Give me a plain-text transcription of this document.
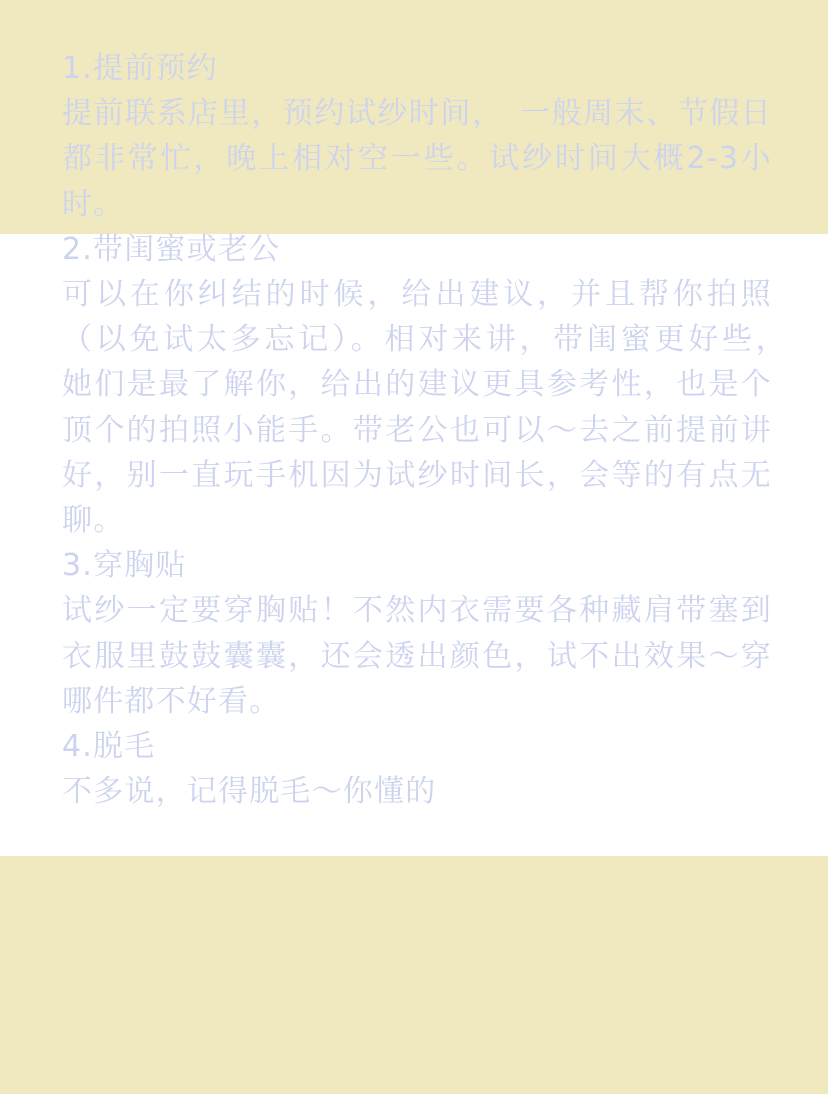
1.提前预约

提前联系店里，预约试纱时间，　一般周末、节假日都非常忙，晚上相对空一些。试纱时间大概2-3小时。

2.带闺蜜或老公

可以在你纠结的时候，给出建议，并且帮你拍照（以免试太多忘记）。相对来讲，带闺蜜更好些，　她们是最了解你，给出的建议更具参考性，也是个顶个的拍照小能手。带老公也可以～去之前提前讲好，别一直玩手机因为试纱时间长，会等的有点无聊。

3.穿胸贴

试纱一定要穿胸贴！不然内衣需要各种藏肩带塞到衣服里鼓鼓囊囊，还会透出颜色，试不出效果～穿哪件都不好看。

4.脱毛

不多说，记得脱毛～你懂的
